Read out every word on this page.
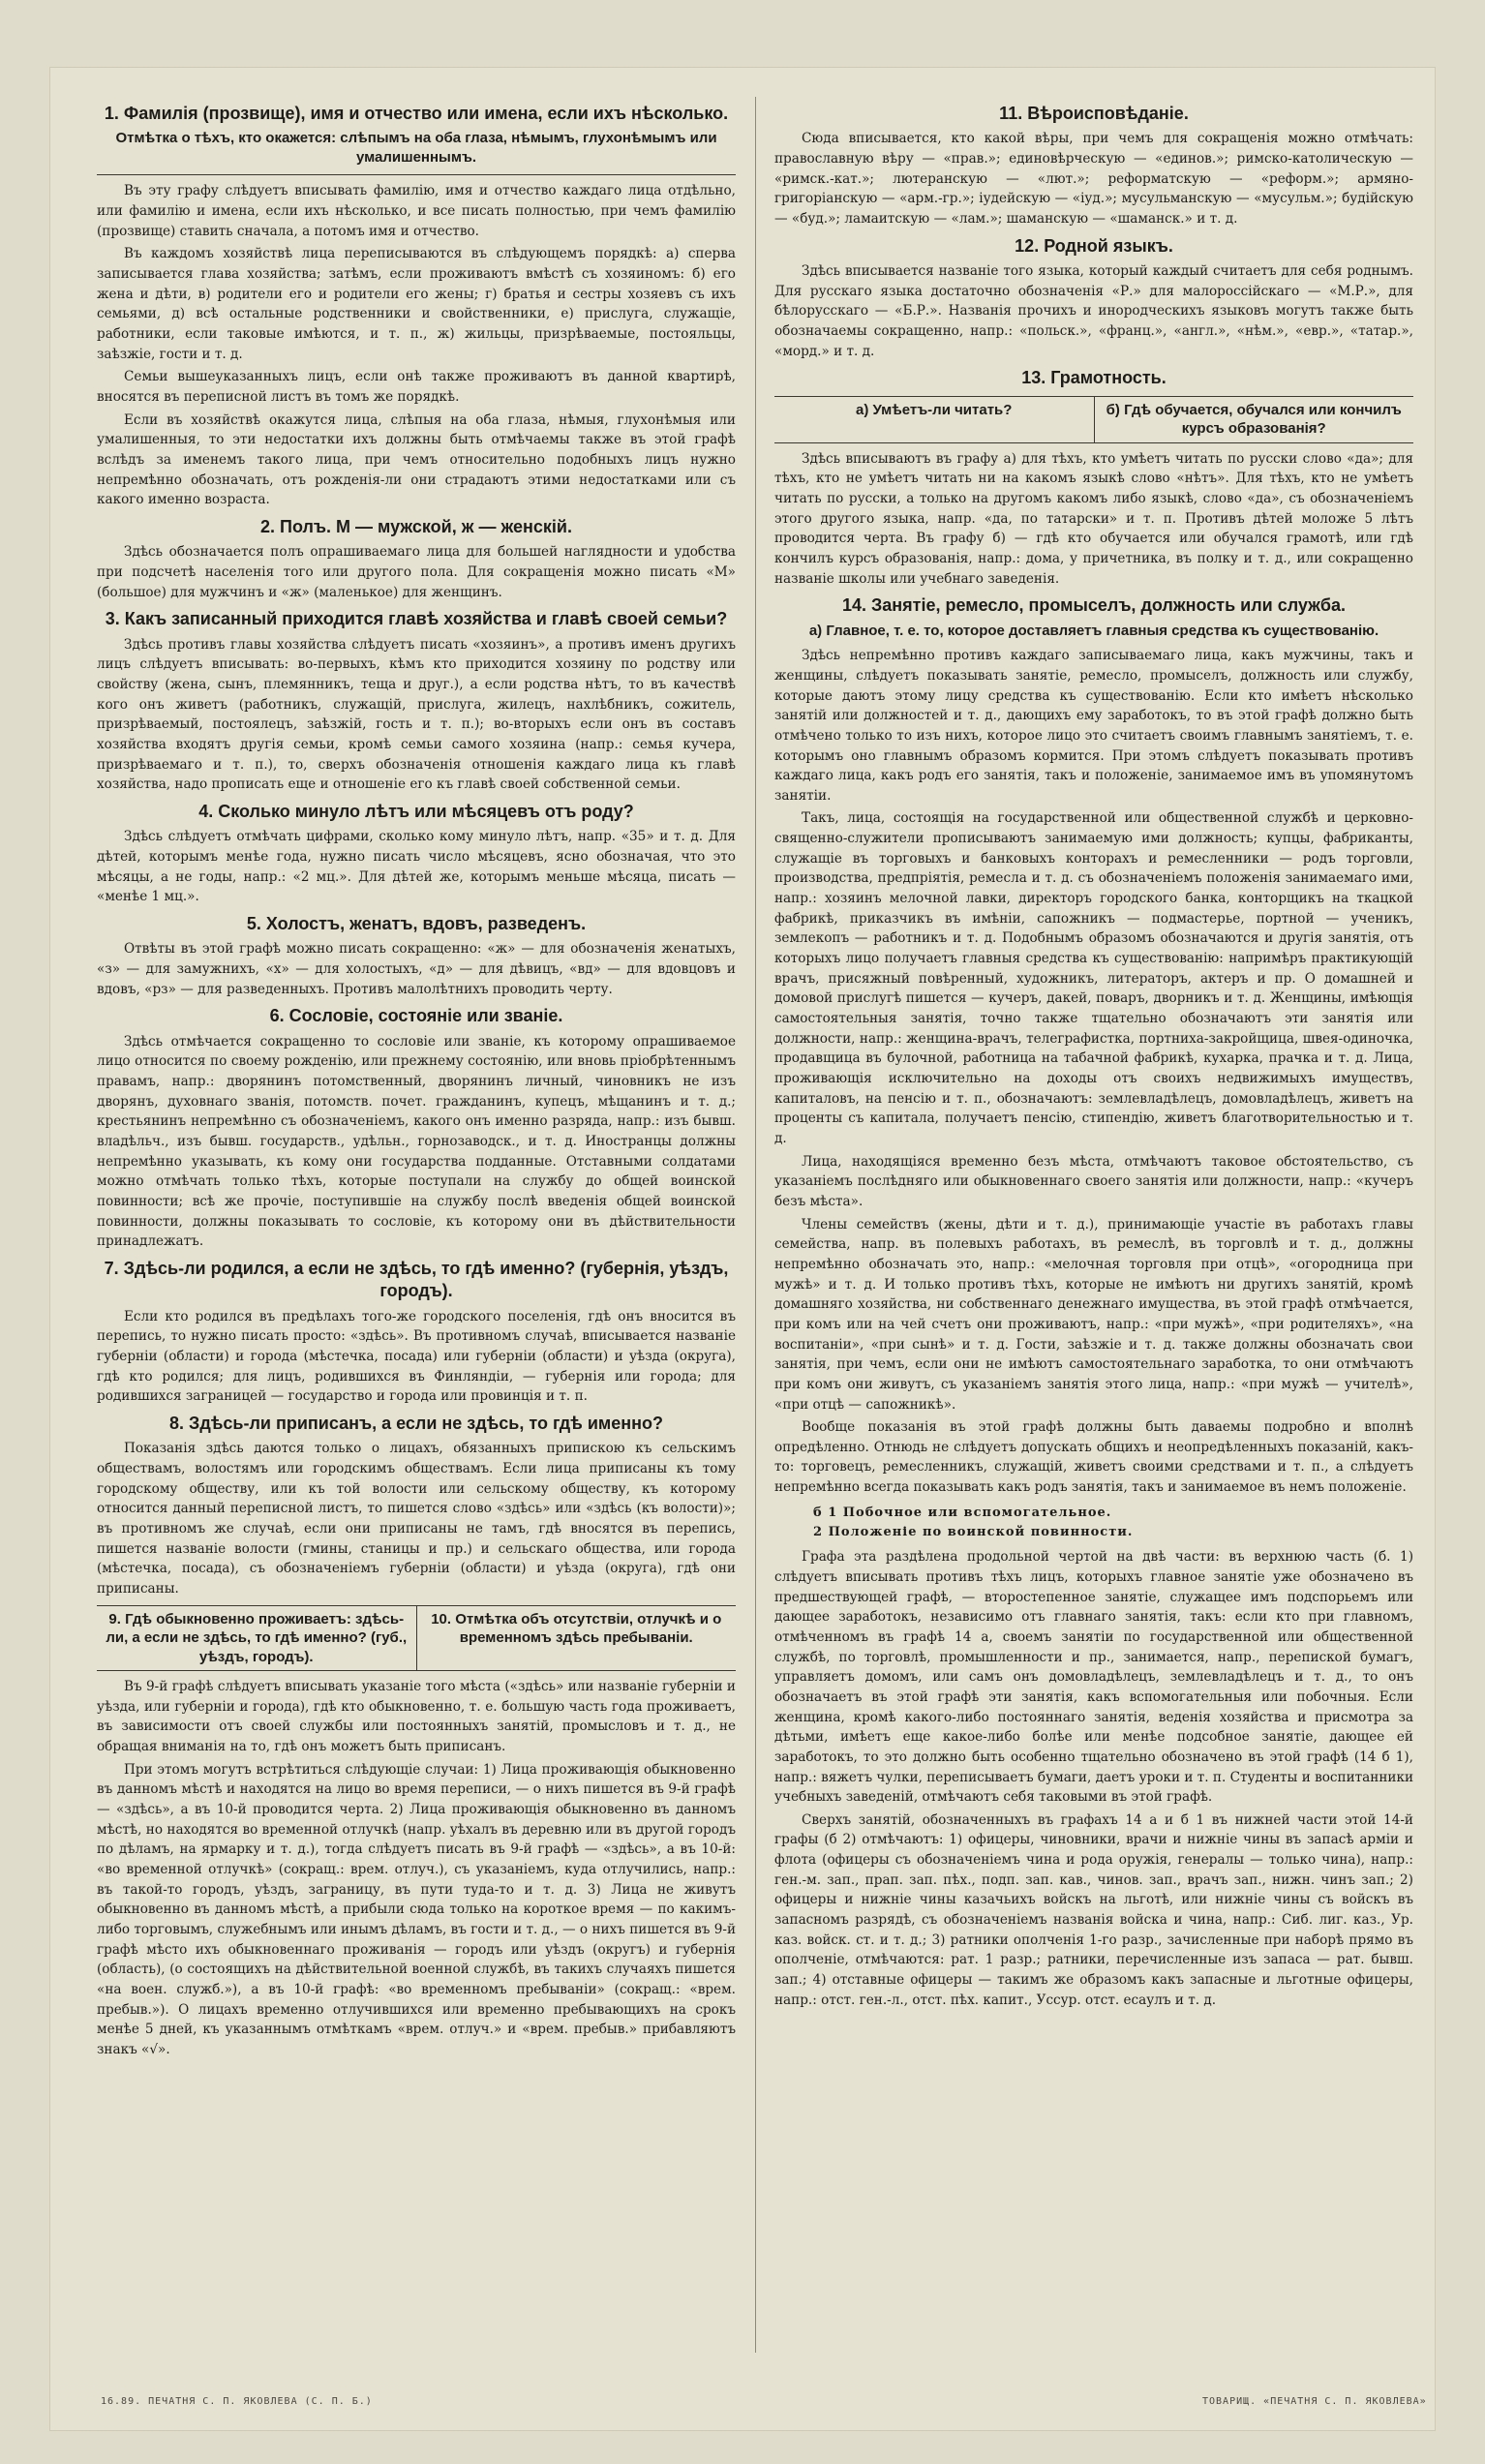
1. Фамилія (прозвище), имя и отчество или имена, если ихъ нѣсколько.
Отмѣтка о тѣхъ, кто окажется: слѣпымъ на оба глаза, нѣмымъ, глухонѣмымъ или умалишеннымъ.

Въ эту графу слѣдуетъ вписывать фамилію, имя и отчество каждаго лица отдѣльно, или фамилію и имена, если ихъ нѣсколько, и все писать полностью, при чемъ фамилію (прозвище) ставить сначала, а потомъ имя и отчество.

Въ каждомъ хозяйствѣ лица переписываются въ слѣдующемъ порядкѣ: а) сперва записывается глава хозяйства; затѣмъ, если проживаютъ вмѣстѣ съ хозяиномъ: б) его жена и дѣти, в) родители его и родители его жены; г) братья и сестры хозяевъ съ ихъ семьями, д) всѣ остальные родственники и свойственники, е) прислуга, служащіе, работники, если таковые имѣются, и т. п., ж) жильцы, призрѣваемые, постояльцы, заѣзжіе, гости и т. д.

Семьи вышеуказанныхъ лицъ, если онѣ также проживаютъ въ данной квартирѣ, вносятся въ переписной листъ въ томъ же порядкѣ.

Если въ хозяйствѣ окажутся лица, слѣпыя на оба глаза, нѣмыя, глухонѣмыя или умалишенныя, то эти недостатки ихъ должны быть отмѣчаемы также въ этой графѣ вслѣдъ за именемъ такого лица, при чемъ относительно подобныхъ лицъ нужно непремѣнно обозначать, отъ рожденія-ли они страдаютъ этими недостатками или съ какого именно возраста.

2. Полъ. М — мужской, ж — женскій.

Здѣсь обозначается полъ опрашиваемаго лица для большей наглядности и удобства при подсчетѣ населенія того или другого пола. Для сокращенія можно писать «М» (большое) для мужчинъ и «ж» (маленькое) для женщинъ.

3. Какъ записанный приходится главѣ хозяйства и главѣ своей семьи?

Здѣсь противъ главы хозяйства слѣдуетъ писать «хозяинъ», а противъ именъ другихъ лицъ слѣдуетъ вписывать: во-первыхъ, кѣмъ кто приходится хозяину по родству или свойству (жена, сынъ, племянникъ, теща и друг.), а если родства нѣтъ, то въ качествѣ кого онъ живетъ (работникъ, служащій, прислуга, жилецъ, нахлѣбникъ, сожитель, призрѣваемый, постоялецъ, заѣзжій, гость и т. п.); во-вторыхъ если онъ въ составъ хозяйства входятъ другія семьи, кромѣ семьи самого хозяина (напр.: семья кучера, призрѣваемаго и т. п.), то, сверхъ обозначенія отношенія каждаго лица къ главѣ хозяйства, надо прописать еще и отношеніе его къ главѣ своей собственной семьи.

4. Сколько минуло лѣтъ или мѣсяцевъ отъ роду?

Здѣсь слѣдуетъ отмѣчать цифрами, сколько кому минуло лѣтъ, напр. «35» и т. д. Для дѣтей, которымъ менѣе года, нужно писать число мѣсяцевъ, ясно обозначая, что это мѣсяцы, а не годы, напр.: «2 мц.». Для дѣтей же, которымъ меньше мѣсяца, писать — «менѣе 1 мц.».

5. Холостъ, женатъ, вдовъ, разведенъ.

Отвѣты въ этой графѣ можно писать сокращенно: «ж» — для обозначенія женатыхъ, «з» — для замужнихъ, «х» — для холостыхъ, «д» — для дѣвицъ, «вд» — для вдовцовъ и вдовъ, «рз» — для разведенныхъ. Противъ малолѣтнихъ проводить черту.

6. Сословіе, состояніе или званіе.

Здѣсь отмѣчается сокращенно то сословіе или званіе, къ которому опрашиваемое лицо относится по своему рожденію, или прежнему состоянію, или вновь пріобрѣтеннымъ правамъ, напр.: дворянинъ потомственный, дворянинъ личный, чиновникъ не изъ дворянъ, духовнаго званія, потомств. почет. гражданинъ, купецъ, мѣщанинъ и т. д.; крестьянинъ непремѣнно съ обозначеніемъ, какого онъ именно разряда, напр.: изъ бывш. владѣльч., изъ бывш. государств., удѣльн., горнозаводск., и т. д. Иностранцы должны непремѣнно указывать, къ кому они государства подданные. Отставными солдатами можно отмѣчать только тѣхъ, которые поступали на службу до общей воинской повинности; всѣ же прочіе, поступившіе на службу послѣ введенія общей воинской повинности, должны показывать то сословіе, къ которому они въ дѣйствительности принадлежатъ.

7. Здѣсь-ли родился, а если не здѣсь, то гдѣ именно? (губернія, уѣздъ, городъ).

Если кто родился въ предѣлахъ того-же городского поселенія, гдѣ онъ вносится въ перепись, то нужно писать просто: «здѣсь». Въ противномъ случаѣ, вписывается названіе губерніи (области) и города (мѣстечка, посада) или губерніи (области) и уѣзда (округа), гдѣ кто родился; для лицъ, родившихся въ Финляндіи, — губернія или города; для родившихся заграницей — государство и города или провинція и т. п.

8. Здѣсь-ли приписанъ, а если не здѣсь, то гдѣ именно?

Показанія здѣсь даются только о лицахъ, обязанныхъ припискою къ сельскимъ обществамъ, волостямъ или городскимъ обществамъ. Если лица приписаны къ тому городскому обществу, или къ той волости или сельскому обществу, къ которому относится данный переписной листъ, то пишется слово «здѣсь» или «здѣсь (къ волости)»; въ противномъ же случаѣ, если они приписаны не тамъ, гдѣ вносятся въ перепись, пишется названіе волости (гмины, станицы и пр.) и сельскаго общества, или города (мѣстечка, посада), съ обозначеніемъ губерніи (области) и уѣзда (округа), гдѣ они приписаны.

9. Гдѣ обыкновенно проживаетъ: здѣсь-ли, а если не здѣсь, то гдѣ именно? (губ., уѣздъ, городъ).
10. Отмѣтка объ отсутствіи, отлучкѣ и о временномъ здѣсь пребываніи.

Въ 9-й графѣ слѣдуетъ вписывать указаніе того мѣста («здѣсь» или названіе губерніи и уѣзда, или губерніи и города), гдѣ кто обыкновенно, т. е. большую часть года проживаетъ, въ зависимости отъ своей службы или постоянныхъ занятій, промысловъ и т. д., не обращая вниманія на то, гдѣ онъ можетъ быть приписанъ.

При этомъ могутъ встрѣтиться слѣдующіе случаи: 1) Лица проживающія обыкновенно въ данномъ мѣстѣ и находятся на лицо во время переписи, — о нихъ пишется въ 9-й графѣ — «здѣсь», а въ 10-й проводится черта. 2) Лица проживающія обыкновенно въ данномъ мѣстѣ, но находятся во временной отлучкѣ (напр. уѣхалъ въ деревню или въ другой городъ по дѣламъ, на ярмарку и т. д.), тогда слѣдуетъ писать въ 9-й графѣ — «здѣсь», а въ 10-й: «во временной отлучкѣ» (сокращ.: врем. отлуч.), съ указаніемъ, куда отлучились, напр.: въ такой-то городъ, уѣздъ, заграницу, въ пути туда-то и т. д. 3) Лица не живутъ обыкновенно въ данномъ мѣстѣ, а прибыли сюда только на короткое время — по какимъ-либо торговымъ, служебнымъ или инымъ дѣламъ, въ гости и т. д., — о нихъ пишется въ 9-й графѣ мѣсто ихъ обыкновеннаго проживанія — городъ или уѣздъ (округъ) и губернія (область), (о состоящихъ на дѣйствительной военной службѣ, въ такихъ случаяхъ пишется «на воен. служб.»), а въ 10-й графѣ: «во временномъ пребываніи» (сокращ.: «врем. пребыв.»). О лицахъ временно отлучившихся или временно пребывающихъ на срокъ менѣе 5 дней, къ указаннымъ отмѣткамъ «врем. отлуч.» и «врем. пребыв.» прибавляютъ знакъ «√».

11. Вѣроисповѣданіе.

Сюда вписывается, кто какой вѣры, при чемъ для сокращенія можно отмѣчать: православную вѣру — «прав.»; единовѣрческую — «единов.»; римско-католическую — «римск.-кат.»; лютеранскую — «лют.»; реформатскую — «реформ.»; армяно-григоріанскую — «арм.-гр.»; іудейскую — «іуд.»; мусульманскую — «мусульм.»; будійскую — «буд.»; ламаитскую — «лам.»; шаманскую — «шаманск.» и т. д.

12. Родной языкъ.

Здѣсь вписывается названіе того языка, который каждый считаетъ для себя роднымъ. Для русскаго языка достаточно обозначенія «Р.» для малороссійскаго — «М.Р.», для бѣлорусскаго — «Б.Р.». Названія прочихъ и инородческихъ языковъ могутъ также быть обозначаемы сокращенно, напр.: «польск.», «франц.», «англ.», «нѣм.», «евр.», «татар.», «морд.» и т. д.

13. Грамотность.
а) Умѣетъ-ли читать?	б) Гдѣ обучается, обучался или кончилъ курсъ образованія?

Здѣсь вписываютъ въ графу а) для тѣхъ, кто умѣетъ читать по русски слово «да»; для тѣхъ, кто не умѣетъ читать ни на какомъ языкѣ слово «нѣтъ». Для тѣхъ, кто не умѣетъ читать по русски, а только на другомъ какомъ либо языкѣ, слово «да», съ обозначеніемъ этого другого языка, напр. «да, по татарски» и т. п. Противъ дѣтей моложе 5 лѣтъ проводится черта. Въ графу б) — гдѣ кто обучается или обучался грамотѣ, или гдѣ кончилъ курсъ образованія, напр.: дома, у причетника, въ полку и т. д., или сокращенно названіе школы или учебнаго заведенія.

14. Занятіе, ремесло, промыселъ, должность или служба.
а) Главное, т. е. то, которое доставляетъ главныя средства къ существованію.

Здѣсь непремѣнно противъ каждаго записываемаго лица, какъ мужчины, такъ и женщины, слѣдуетъ показывать занятіе, ремесло, промыселъ, должность или службу, которые даютъ этому лицу средства къ существованію. Если кто имѣетъ нѣсколько занятій или должностей и т. д., дающихъ ему заработокъ, то въ этой графѣ должно быть отмѣчено только то изъ нихъ, которое лицо это считаетъ своимъ главнымъ занятіемъ, т. е. которымъ оно главнымъ образомъ кормится. При этомъ слѣдуетъ показывать противъ каждаго лица, какъ родъ его занятія, такъ и положеніе, занимаемое имъ въ упомянутомъ занятіи.

Такъ, лица, состоящія на государственной или общественной службѣ и церковно-священно-служители прописываютъ занимаемую ими должность; купцы, фабриканты, служащіе въ торговыхъ и банковыхъ конторахъ и ремесленники — родъ торговли, производства, предпріятія, ремесла и т. д. съ обозначеніемъ положенія занимаемаго ими, напр.: хозяинъ мелочной лавки, директоръ городского банка, конторщикъ на ткацкой фабрикѣ, приказчикъ въ имѣніи, сапожникъ — подмастерье, портной — ученикъ, землекопъ — работникъ и т. д. Подобнымъ образомъ обозначаются и другія занятія, отъ которыхъ лицо получаетъ главныя средства къ существованію: напримѣръ практикующій врачъ, присяжный повѣренный, художникъ, литераторъ, актеръ и пр. О домашней и домовой прислугѣ пишется — кучеръ, дакей, поваръ, дворникъ и т. д. Женщины, имѣющія самостоятельныя занятія, точно также тщательно обозначаютъ эти занятія или должности, напр.: женщина-врачъ, телеграфистка, портниха-закройщица, швея-одиночка, продавщица въ булочной, работница на табачной фабрикѣ, кухарка, прачка и т. д. Лица, проживающія исключительно на доходы отъ своихъ недвижимыхъ имуществъ, капиталовъ, на пенсію и т. п., обозначаютъ: землевладѣлецъ, домовладѣлецъ, живетъ на проценты съ капитала, получаетъ пенсію, стипендію, живетъ благотворительностью и т. д.

Лица, находящіяся временно безъ мѣста, отмѣчаютъ таковое обстоятельство, съ указаніемъ послѣдняго или обыкновеннаго своего занятія или должности, напр.: «кучеръ безъ мѣста».

Члены семействъ (жены, дѣти и т. д.), принимающіе участіе въ работахъ главы семейства, напр. въ полевыхъ работахъ, въ ремеслѣ, въ торговлѣ и т. д., должны непремѣнно обозначать это, напр.: «мелочная торговля при отцѣ», «огородница при мужѣ» и т. д. И только противъ тѣхъ, которые не имѣютъ ни другихъ занятій, кромѣ домашняго хозяйства, ни собственнаго денежнаго имущества, въ этой графѣ отмѣчается, при комъ или на чей счетъ они проживаютъ, напр.: «при мужѣ», «при родителяхъ», «на воспитаніи», «при сынѣ» и т. д. Гости, заѣзжіе и т. д. также должны обозначать свои занятія, при чемъ, если они не имѣютъ самостоятельнаго заработка, то они отмѣчаютъ при комъ они живутъ, съ указаніемъ занятія этого лица, напр.: «при мужѣ — учителѣ», «при отцѣ — сапожникѣ».

Вообще показанія въ этой графѣ должны быть даваемы подробно и вполнѣ опредѣленно. Отнюдь не слѣдуетъ допускать общихъ и неопредѣленныхъ показаній, какъ-то: торговецъ, ремесленникъ, служащій, живетъ своими средствами и т. п., а слѣдуетъ непремѣнно всегда показывать какъ родъ занятія, такъ и занимаемое въ немъ положеніе.

б 1 Побочное или вспомогательное.
2 Положеніе по воинской повинности.

Графа эта раздѣлена продольной чертой на двѣ части: въ верхнюю часть (б. 1) слѣдуетъ вписывать противъ тѣхъ лицъ, которыхъ главное занятіе уже обозначено въ предшествующей графѣ, — второстепенное занятіе, служащее имъ подспорьемъ или дающее заработокъ, независимо отъ главнаго занятія, такъ: если кто при главномъ, отмѣченномъ въ графѣ 14 а, своемъ занятіи по государственной или общественной службѣ, по торговлѣ, промышленности и пр., занимается, напр., перепиской бумагъ, управляетъ домомъ, или самъ онъ домовладѣлецъ, землевладѣлецъ и т. д., то онъ обозначаетъ въ этой графѣ эти занятія, какъ вспомогательныя или побочныя. Если женщина, кромѣ какого-либо постояннаго занятія, веденія хозяйства и присмотра за дѣтьми, имѣетъ еще какое-либо болѣе или менѣе подсобное занятіе, дающее ей заработокъ, то это должно быть особенно тщательно обозначено въ этой графѣ (14 б 1), напр.: вяжетъ чулки, переписываетъ бумаги, даетъ уроки и т. п. Студенты и воспитанники учебныхъ заведеній, отмѣчаютъ себя таковыми въ этой графѣ.

Сверхъ занятій, обозначенныхъ въ графахъ 14 а и б 1 въ нижней части этой 14-й графы (б 2) отмѣчаютъ: 1) офицеры, чиновники, врачи и нижніе чины въ запасѣ арміи и флота (офицеры съ обозначеніемъ чина и рода оружія, генералы — только чина), напр.: ген.-м. зап., прап. зап. пѣх., подп. зап. кав., чинов. зап., врачъ зап., нижн. чинъ зап.; 2) офицеры и нижніе чины казачьихъ войскъ на льготѣ, или нижніе чины съ войскъ въ запасномъ разрядѣ, съ обозначеніемъ названія войска и чина, напр.: Сиб. лиг. каз., Ур. каз. войск. ст. и т. д.; 3) ратники ополченія 1-го разр., зачисленные при наборѣ прямо въ ополченіе, отмѣчаются: рат. 1 разр.; ратники, перечисленные изъ запаса — рат. бывш. зап.; 4) отставные офицеры — такимъ же образомъ какъ запасные и льготные офицеры, напр.: отст. ген.-л., отст. пѣх. капит., Уссур. отст. есаулъ и т. д.

16.89. ПЕЧАТНЯ С. П. ЯКОВЛЕВА (С. П. Б.)	ТОВАРИЩ. «ПЕЧАТНЯ С. П. ЯКОВЛЕВА»
